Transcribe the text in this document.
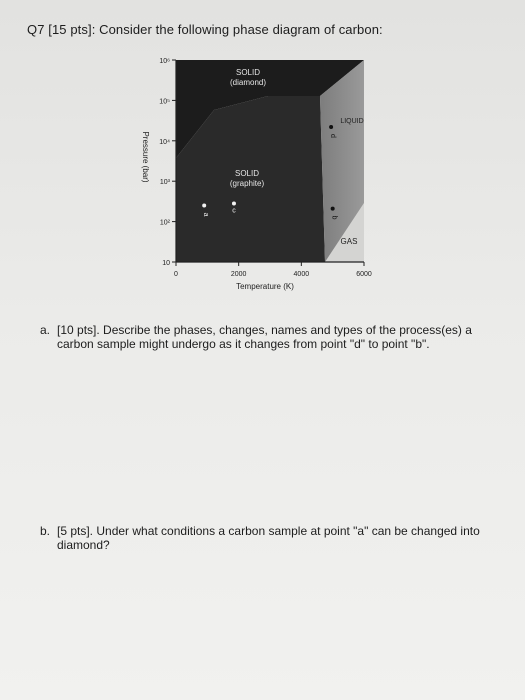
Q7 [15 pts]: Consider the following phase diagram of carbon:
10
10²
10³
10⁴
10⁵
10⁶
0	2000	4000	6000
SOLID
(diamond)
SOLID
(graphite)
LIQUID
GAS
Pressure (bar)
Temperature (K)
a	c
b
d
a. [10 pts]. Describe the phases, changes, names and types of the process(es) a carbon sample might undergo as it changes from point "d" to point "b".
b. [5 pts]. Under what conditions a carbon sample at point "a" can be changed into diamond?
